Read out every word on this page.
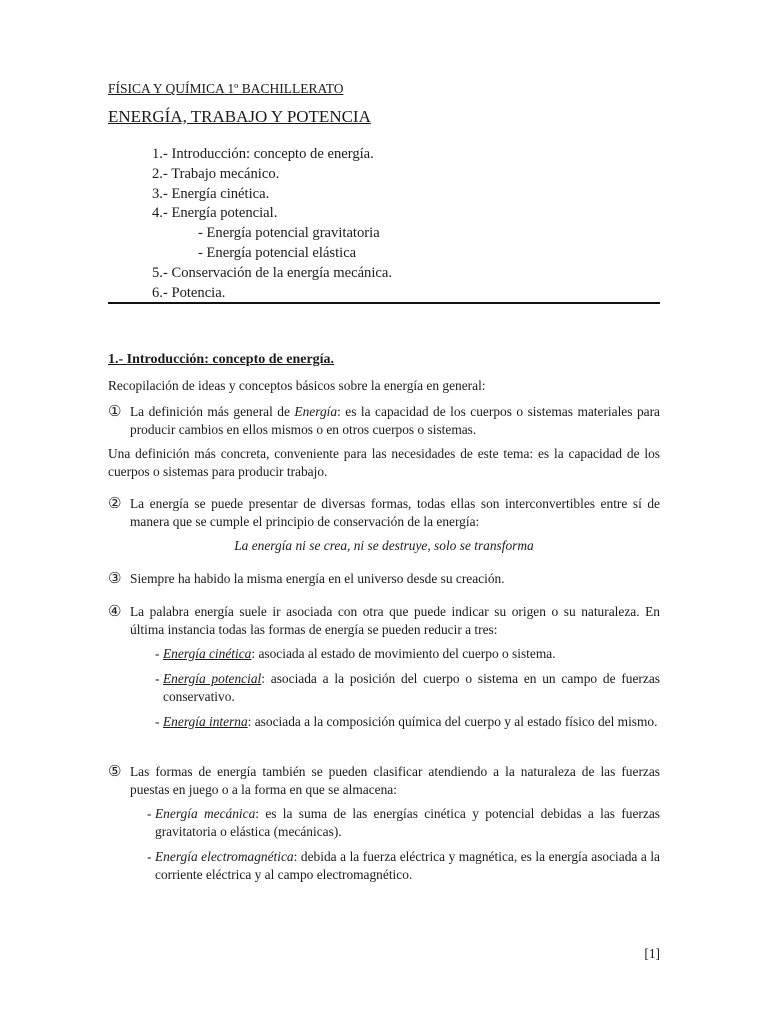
FÍSICA Y QUÍMICA 1º BACHILLERATO
ENERGÍA, TRABAJO Y POTENCIA
1.- Introducción: concepto de energía.
2.- Trabajo mecánico.
3.- Energía cinética.
4.- Energía potencial.
- Energía potencial gravitatoria
- Energía potencial elástica
5.- Conservación de la energía mecánica.
6.- Potencia.
1.- Introducción: concepto de energía.
Recopilación de ideas y conceptos básicos sobre la energía en general:
① La definición más general de Energía: es la capacidad de los cuerpos o sistemas materiales para producir cambios en ellos mismos o en otros cuerpos o sistemas.
Una definición más concreta, conveniente para las necesidades de este tema: es la capacidad de los cuerpos o sistemas para producir trabajo.
② La energía se puede presentar de diversas formas, todas ellas son interconvertibles entre sí de manera que se cumple el principio de conservación de la energía:
La energía ni se crea, ni se destruye, solo se transforma
③ Siempre ha habido la misma energía en el universo desde su creación.
④ La palabra energía suele ir asociada con otra que puede indicar su origen o su naturaleza. En última instancia todas las formas de energía se pueden reducir a tres:
- Energía cinética: asociada al estado de movimiento del cuerpo o sistema.
- Energía potencial: asociada a la posición del cuerpo o sistema en un campo de fuerzas conservativo.
- Energía interna: asociada a la composición química del cuerpo y al estado físico del mismo.
⑤ Las formas de energía también se pueden clasificar atendiendo a la naturaleza de las fuerzas puestas en juego o a la forma en que se almacena:
- Energía mecánica: es la suma de las energías cinética y potencial debidas a las fuerzas gravitatoria o elástica (mecánicas).
- Energía electromagnética: debida a la fuerza eléctrica y magnética, es la energía asociada a la corriente eléctrica y al campo electromagnético.
[1]
